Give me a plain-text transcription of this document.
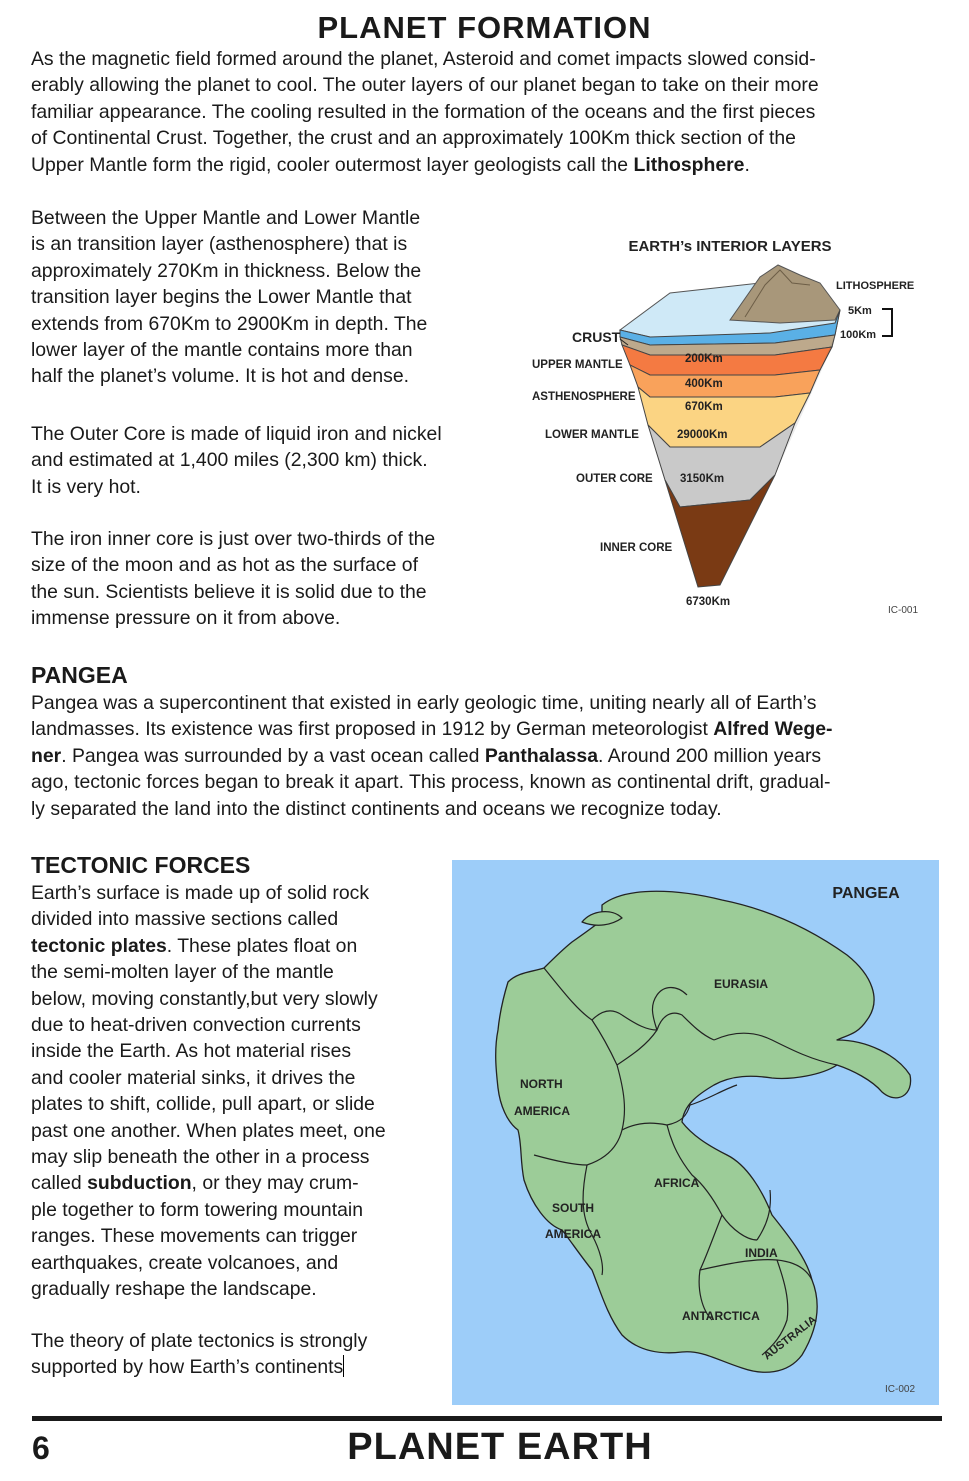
PLANET FORMATION
As the magnetic field formed around the planet, Asteroid and comet impacts slowed consid-
erably allowing the planet to cool. The outer layers of our planet began to take on their more
familiar appearance. The cooling resulted in the formation of the oceans and the first pieces
of Continental Crust. Together, the crust and an approximately 100Km thick section of the
Upper Mantle form the rigid, cooler outermost layer geologists call the Lithosphere.
Between the Upper Mantle and Lower Mantle
is an transition layer (asthenosphere) that is
approximately 270Km in thickness. Below the
transition layer begins the Lower Mantle that
extends from 670Km to 2900Km in depth. The
lower layer of the mantle contains more than
half the planet’s volume. It is hot and dense.
The Outer Core is made of liquid iron and nickel
and estimated at 1,400 miles (2,300 km) thick.
It is very hot.
The iron inner core is just over two-thirds of the
size of the moon and as hot as the surface of
the sun. Scientists believe it is solid due to the
immense pressure on it from above.
EARTH’s INTERIOR LAYERS
LITHOSPHERE
5Km
100Km
CRUST
UPPER MANTLE
ASTHENOSPHERE
LOWER MANTLE
OUTER CORE
INNER CORE
200Km
400Km
670Km
29000Km
3150Km
6730Km
IC-001
PANGEA
Pangea was a supercontinent that existed in early geologic time, uniting nearly all of Earth’s
landmasses. Its existence was first proposed in 1912 by German meteorologist Alfred Wege-
ner. Pangea was surrounded by a vast ocean called Panthalassa. Around 200 million years
ago, tectonic forces began to break it apart. This process, known as continental drift, gradual-
ly separated the land into the distinct continents and oceans we recognize today.
TECTONIC FORCES
Earth’s surface is made up of solid rock
divided into massive sections called
tectonic plates. These plates float on
the semi-molten layer of the mantle
below, moving constantly,but very slowly
due to heat-driven convection currents
inside the Earth. As hot material rises
and cooler material sinks, it drives the
plates to shift, collide, pull apart, or slide
past one another. When plates meet, one
may slip beneath the other in a process
called subduction, or they may crum-
ple together to form towering mountain
ranges. These movements can trigger
earthquakes, create volcanoes, and
gradually reshape the landscape.
The theory of plate tectonics is strongly
supported by how Earth’s continents
PANGEA
EURASIA
NORTH
AMERICA
SOUTH
AMERICA
AFRICA
INDIA
ANTARCTICA AUSTRALIA
IC-002
6	PLANET EARTH
